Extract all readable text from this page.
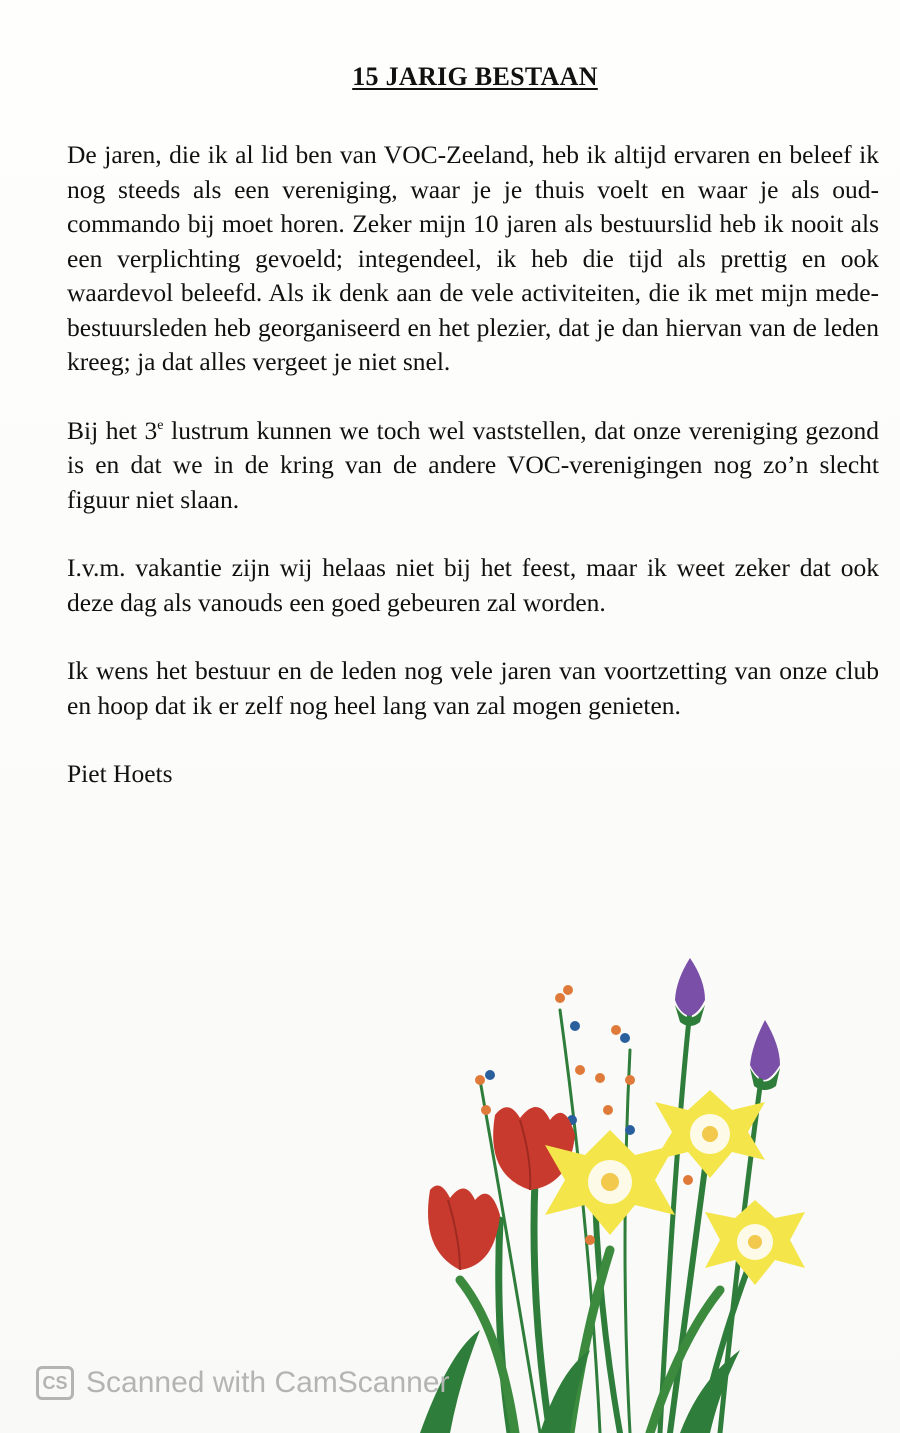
15 JARIG BESTAAN

De jaren, die ik al lid ben van VOC-Zeeland, heb ik altijd ervaren en beleef ik nog steeds als een vereniging, waar je je thuis voelt en waar je als oud-commando bij moet horen. Zeker mijn 10 jaren als bestuurslid heb ik nooit als een verplichting gevoeld; integendeel, ik heb die tijd als prettig en ook waardevol beleefd. Als ik denk aan de vele activiteiten, die ik met mijn mede-bestuursleden heb georganiseerd en het plezier, dat je dan hiervan van de leden kreeg; ja dat alles vergeet je niet snel.

Bij het 3e lustrum kunnen we toch wel vaststellen, dat onze vereniging gezond is en dat we in de kring van de andere VOC-verenigingen nog zo’n slecht figuur niet slaan.

I.v.m. vakantie zijn wij helaas niet bij het feest, maar ik weet zeker dat ook deze dag als vanouds een goed gebeuren zal worden.

Ik wens het bestuur en de leden nog vele jaren van voortzetting van onze club en hoop dat ik er zelf nog heel lang van zal mogen genieten.

Piet Hoets

CS Scanned with CamScanner
